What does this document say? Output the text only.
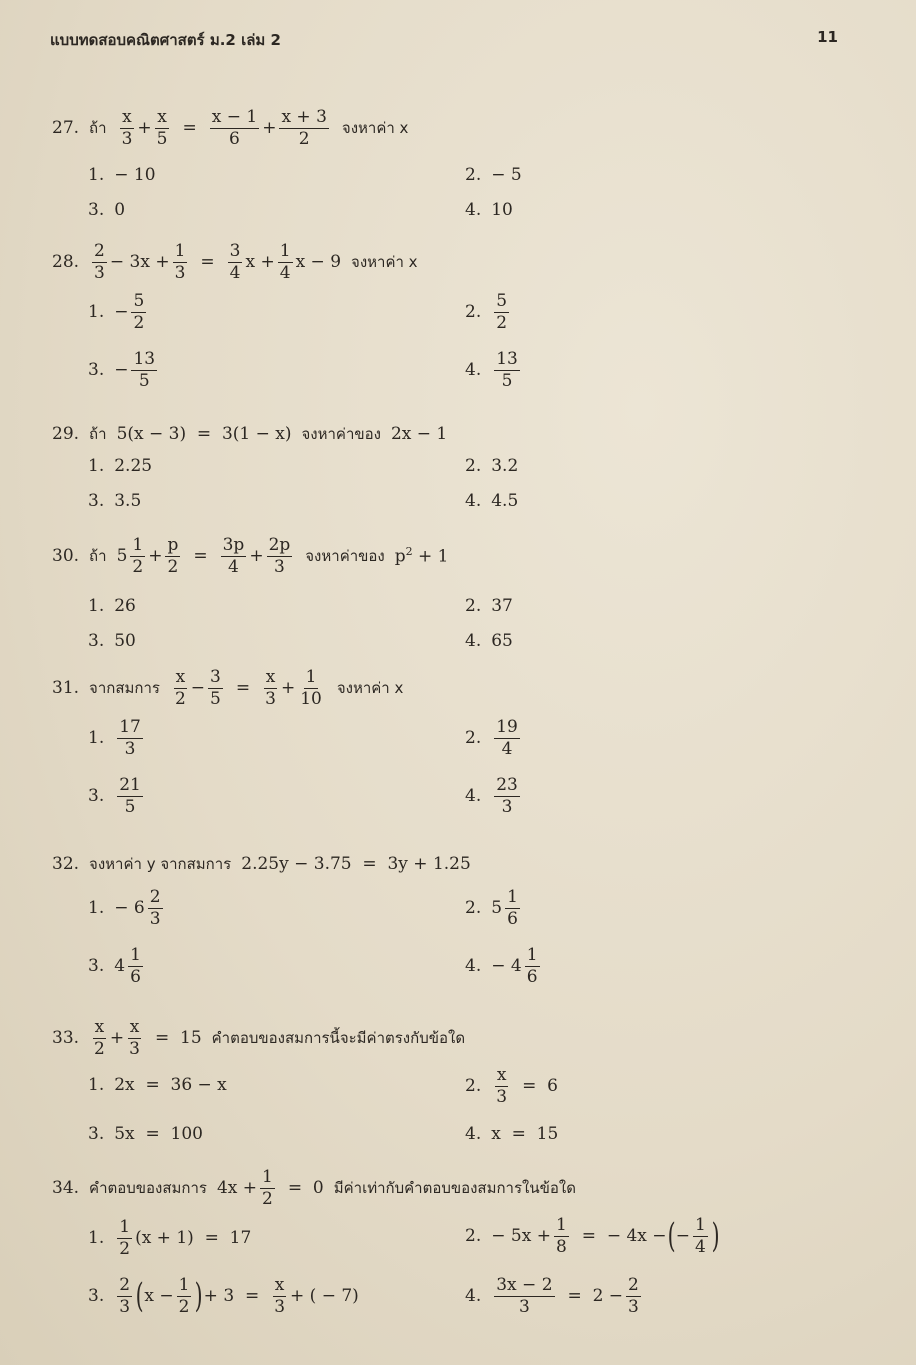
แบบทดสอบคณิตศาสตร์ ม.2 เล่ม 2	11
27. ถ้า $\frac{x}{3} + \frac{x}{5} = \frac{x - 1}{6} + \frac{x + 3}{2}$ จงหาค่า x
1. − 10	2. − 5
3. 0	4. 10
28. $\frac{2}{3} - 3x + \frac{1}{3} = \frac{3}{4}$ $x + \frac{1}{4}$ x − 9 จงหาค่า x
1. − $\frac{5}{2}$	2. $\frac{5}{2}$
3. − $\frac{13}{5}$	4. $\frac{13}{5}$
29. ถ้า 5(x − 3)  =  3(1 − x) จงหาค่าของ 2x − 1
1. 2.25	2. 3.2
3. 3.5	4. 4.5
30. ถ้า $5 \frac{1}{2} + \frac{p}{2} = \frac{3p}{4} + \frac{2p}{3}$ จงหาค่าของ $p^2 + 1$
1. 26	2. 37
3. 50	4. 65
31. จากสมการ $\frac{x}{2} - \frac{3}{5} = \frac{x}{3} + \frac{1}{10}$ จงหาค่า x
1. $\frac{17}{3}$	2. $\frac{19}{4}$
3. $\frac{21}{5}$	4. $\frac{23}{3}$
32. จงหาค่า y จากสมการ 2.25y − 3.75  =  3y + 1.25
1. − $6 \frac{2}{3}$	2. $5 \frac{1}{6}$
3. $4 \frac{1}{6}$	4. − $4 \frac{1}{6}$
33. $\frac{x}{2} + \frac{x}{3} = 15$ คำตอบของสมการนี้จะมีค่าตรงกับข้อใด
1. 2x  =  36 − x	2. $\frac{x}{3} = 6$
3. 5x  =  100	4. x  =  15
34. คำตอบของสมการ $4x + \frac{1}{2} = 0$ มีค่าเท่ากับคำตอบของสมการในข้อใด
1. $\frac{1}{2} (x + 1) = 17$	2. − $5x + \frac{1}{8}$ =  − 4x − ( − $\frac{1}{4}$ )
3. $\frac{2}{3}$ ( $x - \frac{1}{2}$ ) + $3 = \frac{x}{3}$ + ( − 7)	4. $\frac{3x - 2}{3} = 2 - \frac{2}{3}$
